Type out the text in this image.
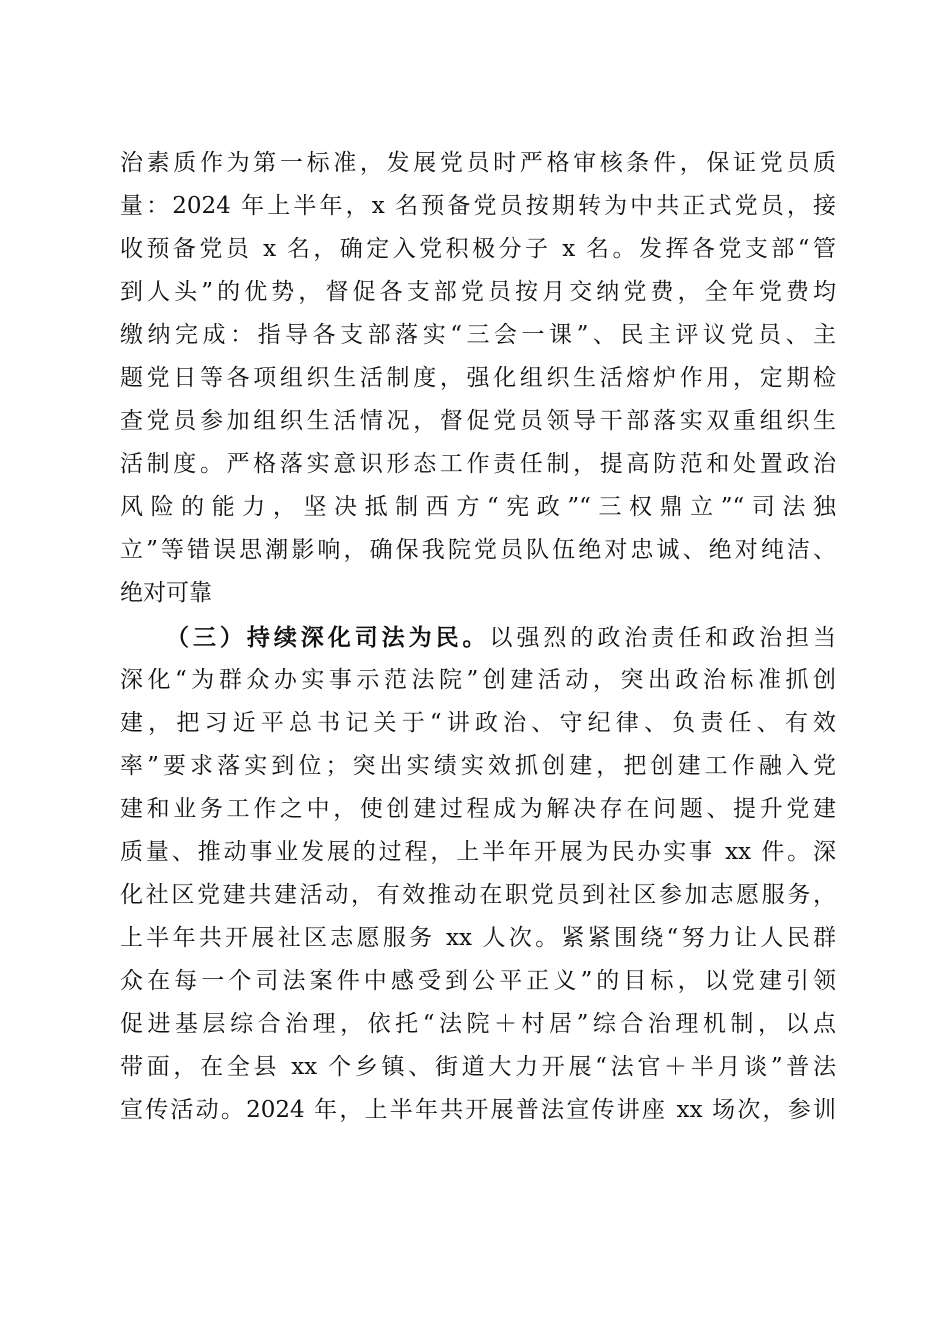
治素质作为第一标准，发展党员时严格审核条件，保证党员质
量：2024 年上半年，x 名预备党员按期转为中共正式党员，接
收预备党员 x 名，确定入党积极分子 x 名。发挥各党支部“管
到人头”的优势，督促各支部党员按月交纳党费，全年党费均
缴纳完成：指导各支部落实“三会一课”、民主评议党员、主
题党日等各项组织生活制度，强化组织生活熔炉作用，定期检
查党员参加组织生活情况，督促党员领导干部落实双重组织生
活制度。严格落实意识形态工作责任制，提高防范和处置政治
风险的能力，坚决抵制西方“宪政”“三权鼎立”“司法独
立”等错误思潮影响，确保我院党员队伍绝对忠诚、绝对纯洁、
绝对可靠
（三）持续深化司法为民。以强烈的政治责任和政治担当
深化“为群众办实事示范法院”创建活动，突出政治标准抓创
建，把习近平总书记关于“讲政治、守纪律、负责任、有效
率”要求落实到位；突出实绩实效抓创建，把创建工作融入党
建和业务工作之中，使创建过程成为解决存在问题、提升党建
质量、推动事业发展的过程，上半年开展为民办实事 xx 件。深
化社区党建共建活动，有效推动在职党员到社区参加志愿服务，
上半年共开展社区志愿服务 xx 人次。紧紧围绕“努力让人民群
众在每一个司法案件中感受到公平正义”的目标，以党建引领
促进基层综合治理，依托“法院＋村居”综合治理机制，以点
带面，在全县 xx 个乡镇、街道大力开展“法官＋半月谈”普法
宣传活动。2024 年，上半年共开展普法宣传讲座 xx 场次，参训
